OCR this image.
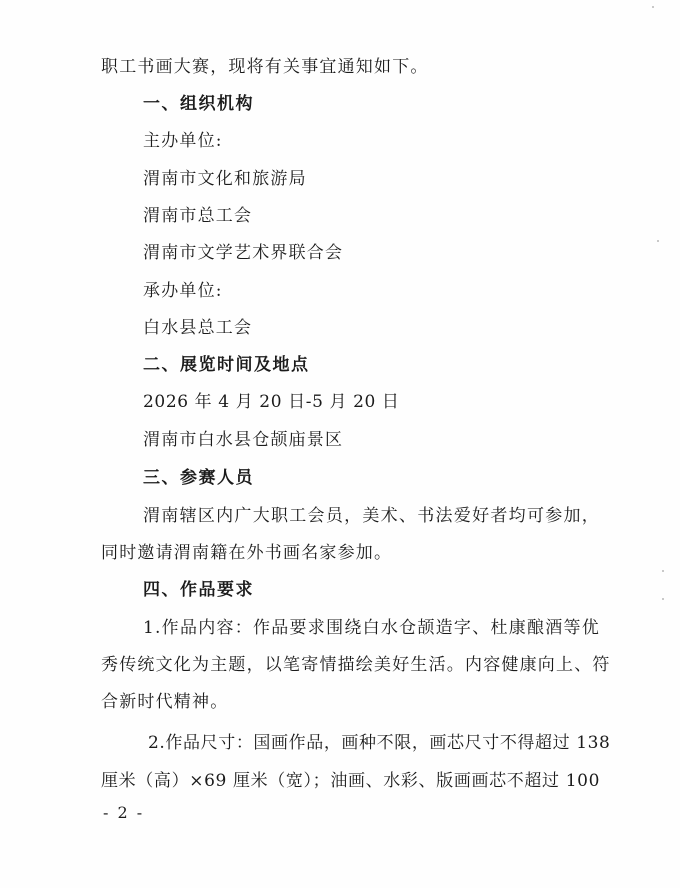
职工书画大赛，现将有关事宜通知如下。
一、组织机构
主办单位:
渭南市文化和旅游局
渭南市总工会
渭南市文学艺术界联合会
承办单位:
白水县总工会
二、展览时间及地点
2026 年 4 月 20 日-5 月 20 日
渭南市白水县仓颉庙景区
三、参赛人员
渭南辖区内广大职工会员，美术、书法爱好者均可参加，
同时邀请渭南籍在外书画名家参加。
四、作品要求
1.作品内容：作品要求围绕白水仓颉造字、杜康酿酒等优
秀传统文化为主题，以笔寄情描绘美好生活。内容健康向上、符
合新时代精神。
2.作品尺寸：国画作品，画种不限，画芯尺寸不得超过 138
厘米（高）×69 厘米（宽）；油画、水彩、版画画芯不超过 100
- 2 -
